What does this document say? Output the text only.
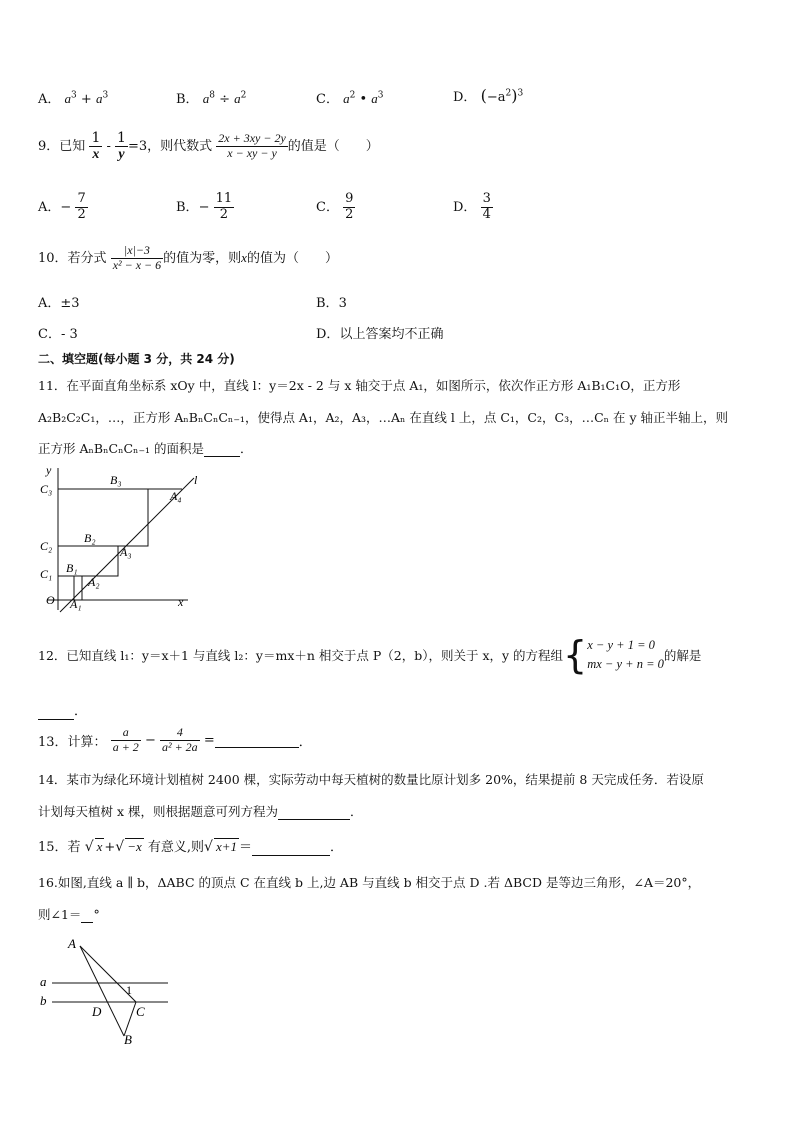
A． $a^3 + a^3$	B． $a^8 \div a^2$	C． $a^2$ • $a^3$	D． $(-a^2)^3$
9．已知 $\frac{1}{x} - \frac{1}{y} =3$，则代数式 $\frac{2x + 3xy - 2y}{x - xy - y}$ 的值是（　　）
A．− $\frac{7}{2}$	B．− $\frac{11}{2}$	C． $\frac{9}{2}$	D． $\frac{3}{4}$
10．若分式 $\frac{|x|-3}{\text{x² − x − 6}}$ 的值为零，则x的值为（　　）
A．±3	B．3
C．- 3	D．以上答案均不正确
二、填空题(每小题 3 分，共 24 分)
11．在平面直角坐标系 xOy 中，直线 l：y＝2x - 2 与 x 轴交于点 A₁，如图所示，依次作正方形 A₁B₁C₁O，正方形
A₂B₂C₂C₁，…，正方形 AₙBₙCₙCₙ₋₁，使得点 A₁，A₂，A₃，…Aₙ 在直线 l 上，点 C₁，C₂，C₃，…Cₙ 在 y 轴正半轴上，则
正方形 AₙBₙCₙCₙ₋₁ 的面积是	．
y
x
l
O
C₁
C₂
C₃
B₁
B₂
B₃
A₁
A₂
A₃
A₄
12．已知直线 l₁：y＝x＋1 与直线 l₂：y＝mx＋n 相交于点 P（2，b），则关于 x，y 的方程组{ x − y + 1 = 0
mx − y + n = 0
的解是
．
13．计算： $\frac{a}{a + 2} - \frac{4}{\text{a² + 2a}}$ =	．
14．某市为绿化环境计划植树 2400 棵，实际劳动中每天植树的数量比原计划多 20%，结果提前 8 天完成任务．若设原
计划每天植树 x 棵，则根据题意可列方程为	．
15．若 √ x +√ −x 有意义,则√ x+1 ＝	．
16.如图,直线 a ∥ b，ΔABC 的顶点 C 在直线 b 上,边 AB 与直线 b 相交于点 D .若 ΔBCD 是等边三角形，∠A＝20°，
则∠1＝ °
A
a
b
1
D	C
B
